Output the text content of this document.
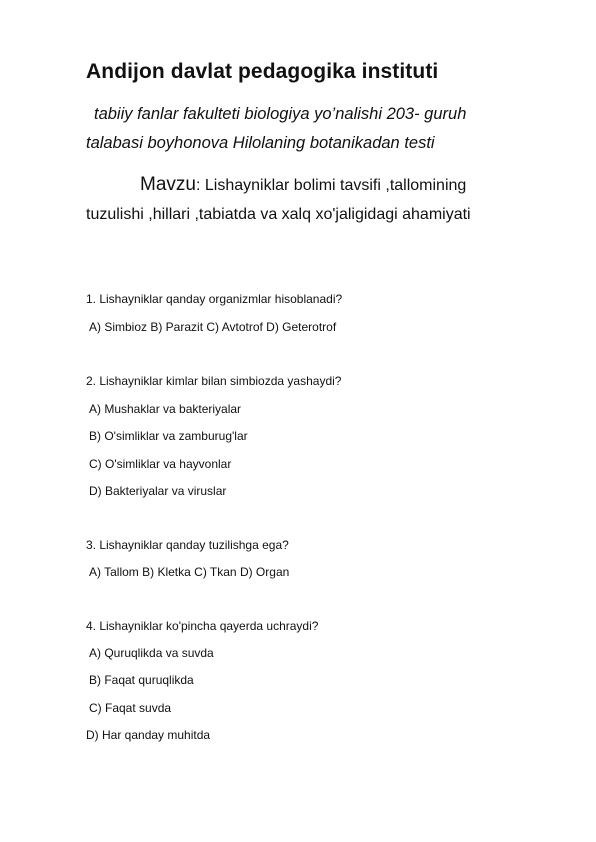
Andijon davlat pedagogika instituti
tabiiy fanlar fakulteti biologiya yo’nalishi 203- guruh
talabasi boyhonova Hilolaning botanikadan testi
Mavzu: Lishayniklar bolimi tavsifi ,tallomining
tuzulishi ,hillari ,tabiatda va xalq xo'jaligidagi ahamiyati
1. Lishayniklar qanday organizmlar hisoblanadi?
A) Simbioz B) Parazit C) Avtotrof D) Geterotrof
2. Lishayniklar kimlar bilan simbiozda yashaydi?
A) Mushaklar va bakteriyalar
B) O'simliklar va zamburug'lar
C) O'simliklar va hayvonlar
D) Bakteriyalar va viruslar
3. Lishayniklar qanday tuzilishga ega?
A) Tallom B) Kletka C) Tkan D) Organ
4. Lishayniklar ko'pincha qayerda uchraydi?
A) Quruqlikda va suvda
B) Faqat quruqlikda
C) Faqat suvda
D) Har qanday muhitda
